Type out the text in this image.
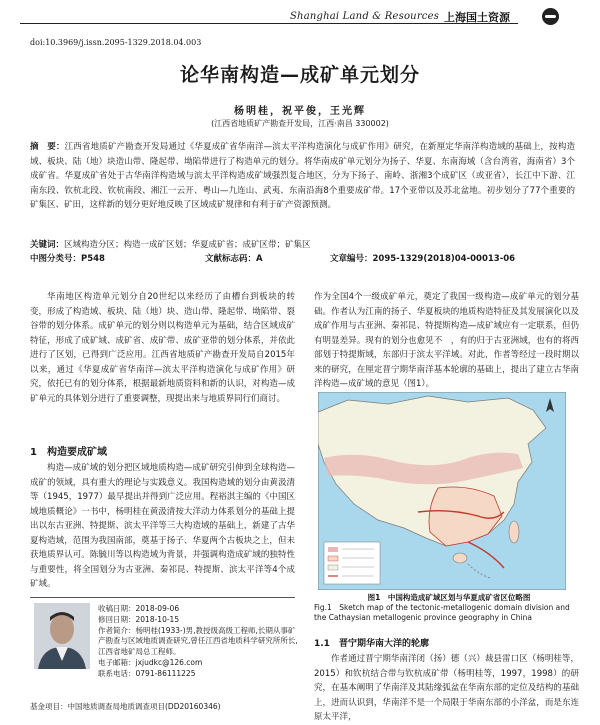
Shanghai Land & Resources 上海国土资源
doi:10.3969/j.issn.2095-1329.2018.04.003
论华南构造—成矿单元划分
杨明桂，祝平俊，王光辉
(江西省地质矿产勘查开发局，江西·南昌 330002)
摘　要：江西省地质矿产勘查开发局通过《华夏成矿省华南洋—滨太平洋构造演化与成矿作用》研究，在新厘定华南洋构造域的基础上，按构造域、板块、陆（地）块造山带、隆起带、坳陷带进行了构造单元的划分。将华南成矿单元划分为扬子、华夏、东南海域（含台湾省，海南省）3个成矿省。华夏成矿省处于古华南洋构造域与滨太平洋构造成矿域强烈复合地区，分为下扬子、南岭、浙湘3个成矿区（或亚省），长江中下游、江南东段、钦杭北段、钦杭南段、湘江一云开、粤山—九连山、武夷、东南沿海8个重要成矿带。17个亚带以及苏北盆地。初步划分了77个重要的矿集区、矿田，这样新的划分更好地反映了区域成矿规律和有利于矿产资源预测。
关键词：区域构造分区；构造一成矿区划；华夏成矿省；成矿区带；矿集区
中图分类号：P548	文献标志码：A	文章编号：2095-1329(2018)04-00013-06

华南地区构造单元划分自20世纪以来经历了由槽台到板块的转变，形成了构造域、板块、陆（地）块、造山带、隆起带、坳陷带、裂谷带的划分体系。成矿单元的划分则以构造单元为基础，结合区域成矿特征，形成了成矿域、成矿省、成矿带、成矿亚带的划分体系，并依此进行了区划，已得到广泛应用。江西省地质矿产勘查开发局自2015年以来，通过《华夏成矿省华南洋—滨太平洋构造演化与成矿作用》研究，依托已有的划分体系，根据最新地质资料和新的认识，对构造—成矿单元的具体划分进行了重要调整，现提出来与地质界同行们商讨。

1　构造要成矿域

构造—成矿域的划分把区域地质构造—成矿研究引伸到全球构造—成矿的领域，具有重大的理论与实践意义。我国构造域的划分由黄汲清等（1945，1977）最早提出并得到广泛应用。程裕淇主编的《中国区域地质概论》一书中，杨明桂在黄汲清按大洋动力体系划分的基础上提出以东古亚洲、特提斯、滨太平洋等三大构造域的基础上，新建了古华夏构造域，范围为我国南部，奠基于扬子、华夏两个古板块之上，但未获地质界认可。陈毓川等以构造域为背景，并强调构造成矿域的独特性与重要性，将全国划分为古亚洲、秦祁昆、特提斯、滨太平洋等4个成矿域。

收稿日期：2018-09-06
修回日期：2018-10-15
作者简介：杨明桂(1933-)男,教授级高级工程师,长期从事矿产勘查与区域地质调查研究,曾任江西省地质科学研究所所长,江西省地矿局总工程师。
电子邮箱：jxjudkc@126.com
联系电话：0791-86111225
基金项目：中国地质调查局地质调查项目(DD20160346)

作为全国4个一级成矿单元，奠定了我国一级构造—成矿单元的划分基础。作者认为江南的扬子、华夏板块的地质构造特征及其发展演化以及成矿作用与古亚洲、秦祁昆、特提斯构造—成矿域应有一定联系，但仍有明显差异。现有的划分也愈见不　，有的归于古亚洲域，也有的将西部划于特提斯域，东部归于滨太平洋域。对此，作者等经过一段时期以来的研究，在厘定晋宁期华南洋基本轮廓的基础上，提出了建立古华南洋构造—成矿域的意见（图1）。

图1　中国构造成矿域区划与华夏成矿省区位略图
Fig.1　Sketch map of the tectonic-metallogenic domain division and the Cathaysian metallogenic province geography in China
1.1　晋宁期华南大洋的轮廓

作者通过晋宁期华南洋闭（扬）德（兴）裁县雷口区（杨明桂等，2015）和钦杭结合带与钦杭成矿带（杨明桂等，1997，1998）的研究，在基本阐明了华南洋及其陆缘弧盆在华南东部的定位及结构的基础上，进而认识到，华南洋不是一个局限于华南东部的小洋盆，而是东连原太平洋，
